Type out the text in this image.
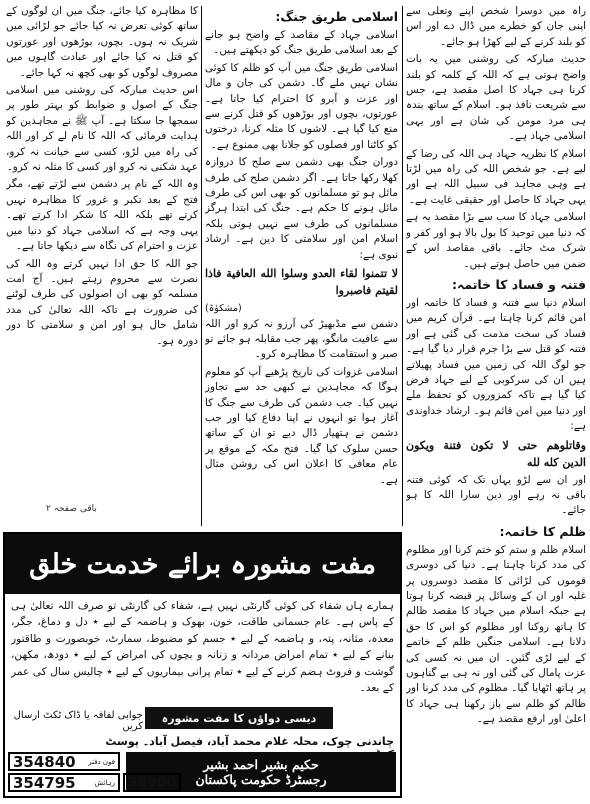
راہ میں دوسرا شخص اپنے وتعلی سے اپنی جان کو خطرے میں ڈال دے اور اس کو بلند کرنے کے لیے کھڑا ہو جائے۔

حدیث مبارکہ کی روشنی میں یہ بات واضح ہوتی ہے کہ اللہ کے کلمہ کو بلند کرنا ہی جہاد کا اصل مقصد ہے، جس سے شریعت نافذ ہو۔ اسلام کے ساتھ بندہ ہی مرد مومن کی شان ہے اور یہی اسلامی جہاد ہے۔

اسلام کا نظریہ جہاد ہی اللہ کی رضا کے لیے ہے۔ جو شخص اللہ کی راہ میں لڑتا ہے وہی مجاہد فی سبیل اللہ ہے اور یہی جہاد کا حاصل اور حقیقی غایت ہے۔

اسلامی جہاد کا سب سے بڑا مقصد یہ ہے کہ دنیا میں توحید کا بول بالا ہو اور کفر و شرک مٹ جائے۔ باقی مقاصد اس کے ضمن میں حاصل ہوتے ہیں۔

فتنہ و فساد کا خاتمہ:

اسلام دنیا سے فتنہ و فساد کا خاتمہ اور امن قائم کرنا چاہتا ہے۔ قرآن کریم میں فساد کی سخت مذمت کی گئی ہے اور فتنہ کو قتل سے بڑا جرم قرار دیا گیا ہے۔ جو لوگ اللہ کی زمین میں فساد پھیلاتے ہیں ان کی سرکوبی کے لیے جہاد فرض کیا گیا ہے تاکہ کمزوروں کو تحفظ ملے اور دنیا میں امن قائم ہو۔ ارشاد خداوندی ہے:

وقاتلوهم حتى لا تكون فتنة ويكون الدين كله لله

اور ان سے لڑو یہاں تک کہ کوئی فتنہ باقی نہ رہے اور دین سارا اللہ کا ہو جائے۔

ظلم کا خاتمہ:

اسلام ظلم و ستم کو ختم کرنا اور مظلوم کی مدد کرنا چاہتا ہے۔ دنیا کی دوسری قوموں کی لڑائی کا مقصد دوسروں پر غلبہ اور ان کے وسائل پر قبضہ کرنا ہوتا ہے جبکہ اسلام میں جہاد کا مقصد ظالم کا ہاتھ روکنا اور مظلوم کو اس کا حق دلانا ہے۔ اسلامی جنگیں ظلم کے خاتمے کے لیے لڑی گئیں۔ ان میں نہ کسی کی عزت پامال کی گئی اور نہ ہی بے گناہوں پر ہاتھ اٹھایا گیا۔ مظلوم کی مدد کرنا اور ظالم کو ظلم سے باز رکھنا ہی جہاد کا اعلیٰ اور ارفع مقصد ہے۔

اسلامی طریق جنگ:

اسلامی جہاد کے مقاصد کے واضح ہو جانے کے بعد اسلامی طریق جنگ کو دیکھتے ہیں۔

اسلامی طریق جنگ میں آپ کو ظلم کا کوئی نشان نہیں ملے گا۔ دشمن کی جان و مال اور عزت و آبرو کا احترام کیا جاتا ہے۔ عورتوں، بچوں اور بوڑھوں کو قتل کرنے سے منع کیا گیا ہے۔ لاشوں کا مثلہ کرنا، درختوں کو کاٹنا اور فصلوں کو جلانا بھی ممنوع ہے۔

دوران جنگ بھی دشمن سے صلح کا دروازہ کھلا رکھا جاتا ہے۔ اگر دشمن صلح کی طرف مائل ہو تو مسلمانوں کو بھی اس کی طرف مائل ہونے کا حکم ہے۔ جنگ کی ابتدا ہرگز مسلمانوں کی طرف سے نہیں ہوتی بلکہ اسلام امن اور سلامتی کا دین ہے۔ ارشاد نبوی ہے:

لا تتمنوا لقاء العدو وسلوا الله العافية فاذا لقيتم فاصبروا
(مشکوٰۃ)

دشمن سے مڈبھیڑ کی آرزو نہ کرو اور اللہ سے عافیت مانگو، پھر جب مقابلہ ہو جائے تو صبر و استقامت کا مظاہرہ کرو۔

اسلامی غزوات کی تاریخ پڑھیے آپ کو معلوم ہوگا کہ مجاہدین نے کبھی حد سے تجاوز نہیں کیا۔ جب دشمن کی طرف سے جنگ کا آغاز ہوا تو انہوں نے اپنا دفاع کیا اور جب دشمن نے ہتھیار ڈال دیے تو ان کے ساتھ حسن سلوک کیا گیا۔ فتح مکہ کے موقع پر عام معافی کا اعلان اس کی روشن مثال ہے۔

کا مظاہرہ کیا جائے، جنگ میں ان لوگوں کے ساتھ کوئی تعرض نہ کیا جائے جو لڑائی میں شریک نہ ہوں۔ بچوں، بوڑھوں اور عورتوں کو قتل نہ کیا جائے اور عبادت گاہوں میں مصروف لوگوں کو بھی کچھ نہ کہا جائے۔

اس حدیث مبارکہ کی روشنی میں اسلامی جنگ کے اصول و ضوابط کو بہتر طور پر سمجھا جا سکتا ہے۔ آپ ﷺ نے مجاہدین کو ہدایت فرمائی کہ اللہ کا نام لے کر اور اللہ کی راہ میں لڑو، کسی سے خیانت نہ کرو، عہد شکنی نہ کرو اور کسی کا مثلہ نہ کرو۔

وہ اللہ کے نام پر دشمن سے لڑتے تھے، مگر فتح کے بعد تکبر و غرور کا مظاہرہ نہیں کرتے تھے بلکہ اللہ کا شکر ادا کرتے تھے۔ یہی وجہ ہے کہ اسلامی جہاد کو دنیا میں عزت و احترام کی نگاہ سے دیکھا جاتا ہے۔

جو اللہ کا حق ادا نہیں کرتے وہ اللہ کی نصرت سے محروم رہتے ہیں۔ آج امت مسلمہ کو بھی ان اصولوں کی طرف لوٹنے کی ضرورت ہے تاکہ اللہ تعالیٰ کی مدد شامل حال ہو اور امن و سلامتی کا دور دورہ ہو۔

باقی صفحہ ۲
مفت مشورہ برائے خدمت خلق
ہمارے ہاں شفاء کی کوئی گارنٹی نہیں ہے، شفاء کی گارنٹی تو صرف اللہ تعالیٰ ہی کے پاس ہے۔ عام جسمانی طاقت، خون، بھوک و ہاضمہ کے لیے ٭ دل و دماغ، جگر، معدہ، مثانہ، پتہ، و ہاضمہ کے لیے ٭ جسم کو مضبوط، سمارٹ، خوبصورت و طاقتور بنانے کے لیے ٭ تمام امراض مردانہ و زنانہ و بچوں کی امراض کے لیے ٭ دودھ، مکھن، گوشت و فروٹ ہضم کرنے کے لیے ٭ تمام پرانی بیماریوں کے لیے ٭ چالیس سال کی عمر کے بعد۔
دیسی دواؤں کا مفت مشورہ
جوابی لفافہ یا ڈاک ٹکٹ ارسال کریں
چاندنی چوک، محلہ غلام محمد آباد، فیصل آباد۔ پوسٹ
حکیم بشیر احمد بشیر
رجسٹرڈ حکومت پاکستان
354840 فون دفتر
354795	رہائش 38900
